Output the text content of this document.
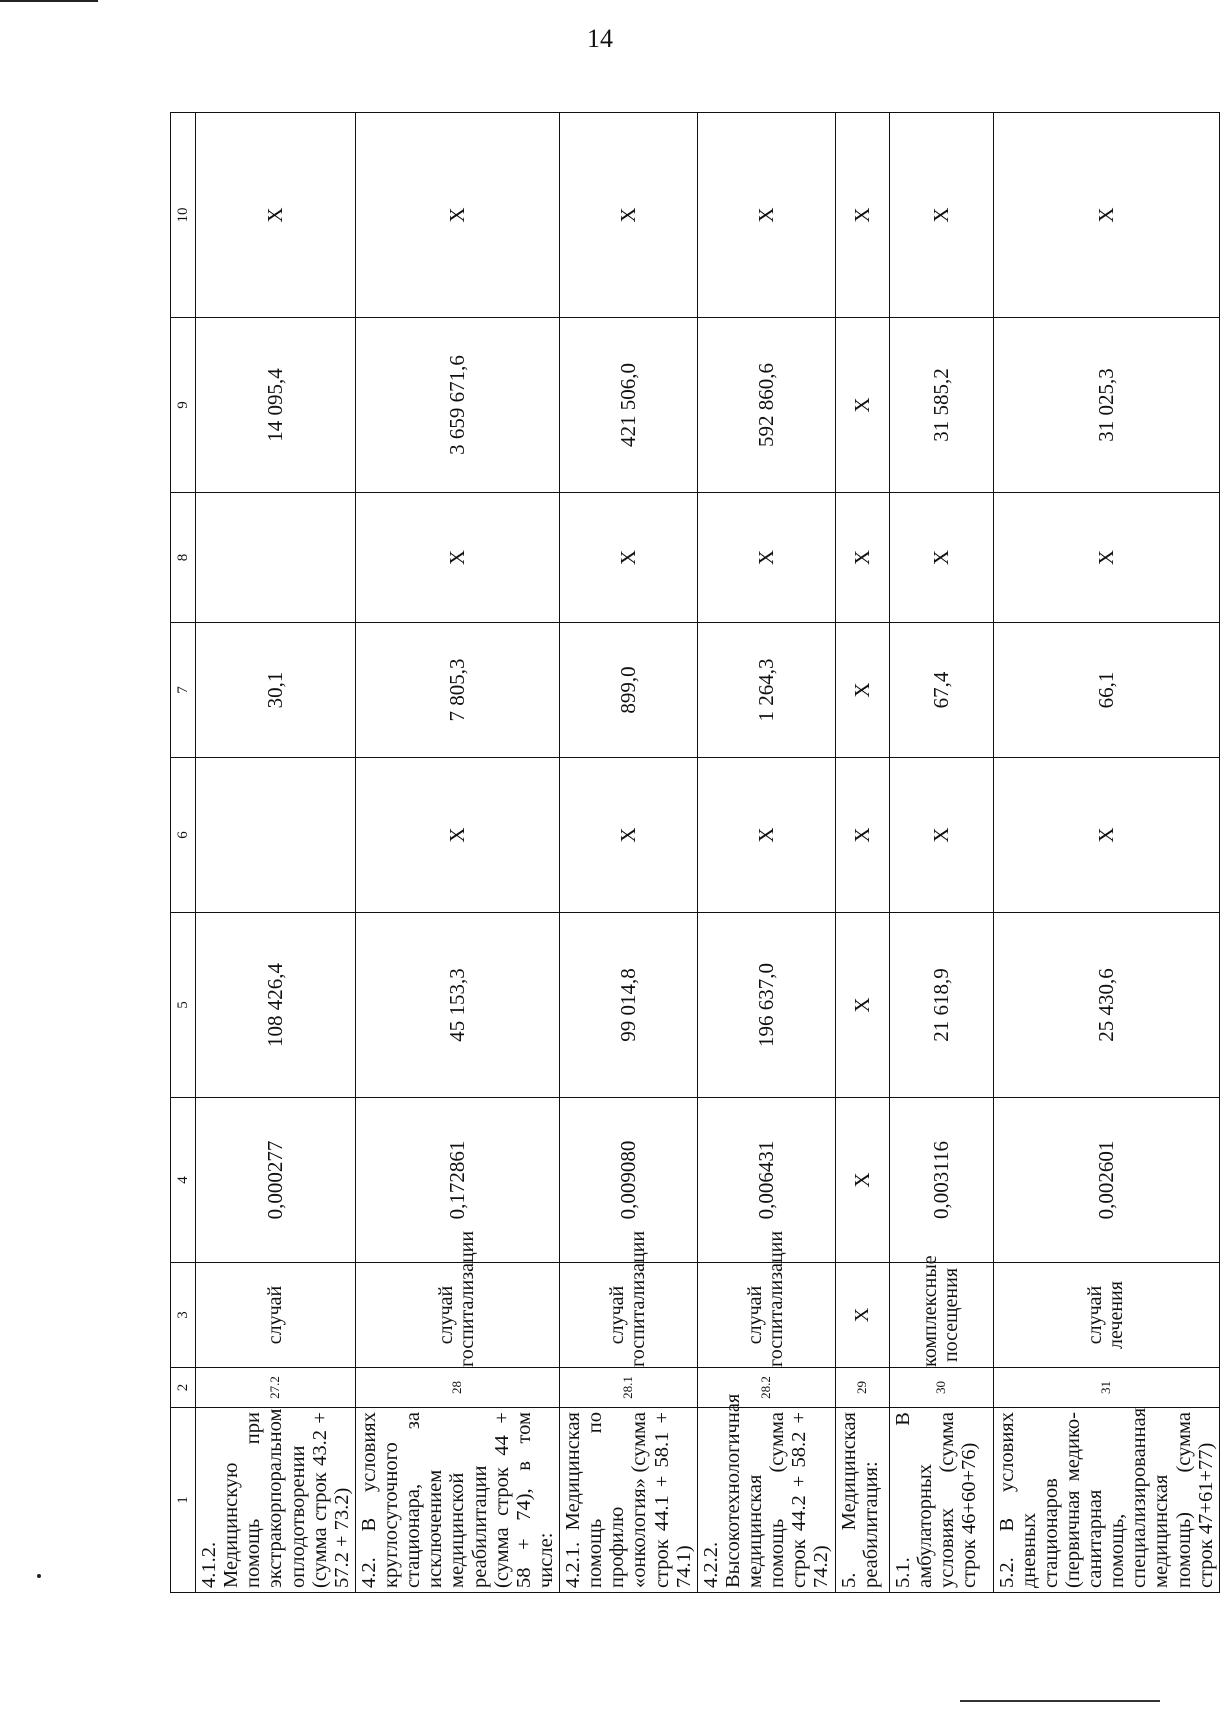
14
1	2	3	4	5	6	7	8	9	10
4.1.2. Медицинскую помощь при экстракорпоральном оплодотворении (сумма строк 43.2 + 57.2 + 73.2)	27.2	случай	0,000277	108 426,4		30,1		14 095,4	X
4.2. В условиях круглосуточного стационара, за исключением медицинской реабилитации (сумма строк 44 + 58 + 74), в том числе:	28	случай госпитализации	0,172861	45 153,3	X	7 805,3	X	3 659 671,6	X
4.2.1. Медицинская помощь по профилю «онкология» (сумма строк 44.1 + 58.1 + 74.1)	28.1	случай госпитализации	0,009080	99 014,8	X	899,0	X	421 506,0	X
4.2.2. Высокотехнологичная медицинская помощь (сумма строк 44.2 + 58.2 + 74.2)	28.2	случай госпитализации	0,006431	196 637,0	X	1 264,3	X	592 860,6	X
5. Медицинская реабилитация:	29	X	X	X	X	X	X	X	X
5.1. В амбулаторных условиях (сумма строк 46+60+76)	30	комплексные посещения	0,003116	21 618,9	X	67,4	X	31 585,2	X
5.2. В условиях дневных стационаров (первичная медико-санитарная помощь, специализированная медицинская помощь) (сумма строк 47+61+77)	31	случай лечения	0,002601	25 430,6	X	66,1	X	31 025,3	X
